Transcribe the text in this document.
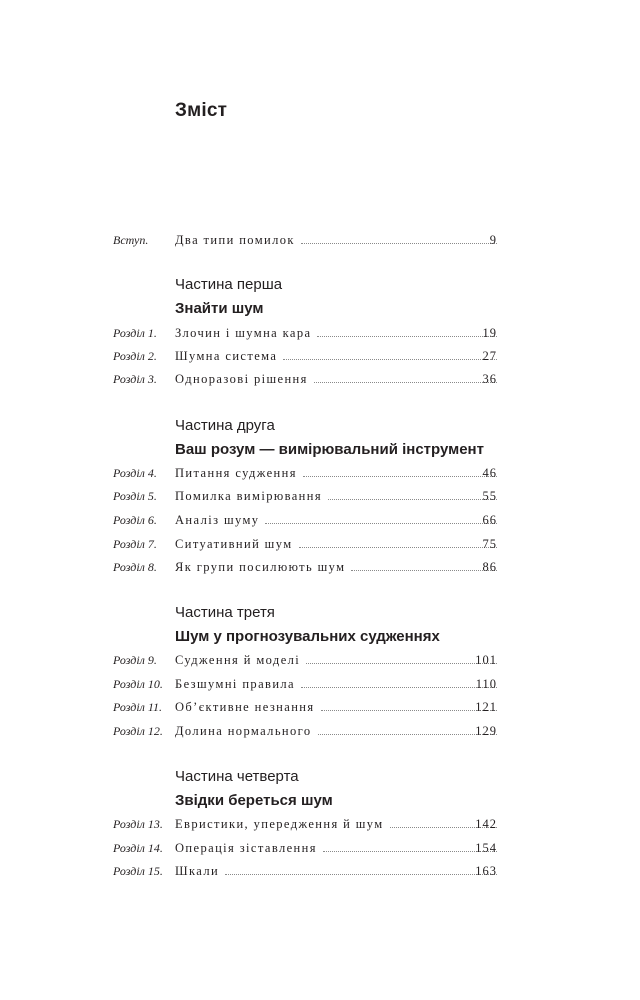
Зміст
Вступ. Два типи помилок	9
Частина перша
Знайти шум
Розділ 1. Злочин і шумна кара	19
Розділ 2. Шумна система	27
Розділ 3. Одноразові рішення	36
Частина друга
Ваш розум — вимірювальний інструмент
Розділ 4. Питання судження	46
Розділ 5. Помилка вимірювання	55
Розділ 6. Аналіз шуму	66
Розділ 7. Ситуативний шум	75
Розділ 8. Як групи посилюють шум	86
Частина третя
Шум у прогнозувальних судженнях
Розділ 9. Судження й моделі	101
Розділ 10. Безшумні правила	110
Розділ 11. Об’єктивне незнання	121
Розділ 12. Долина нормального	129
Частина четверта
Звідки береться шум
Розділ 13. Евристики, упередження й шум	142
Розділ 14. Операція зіставлення	154
Розділ 15. Шкали	163
